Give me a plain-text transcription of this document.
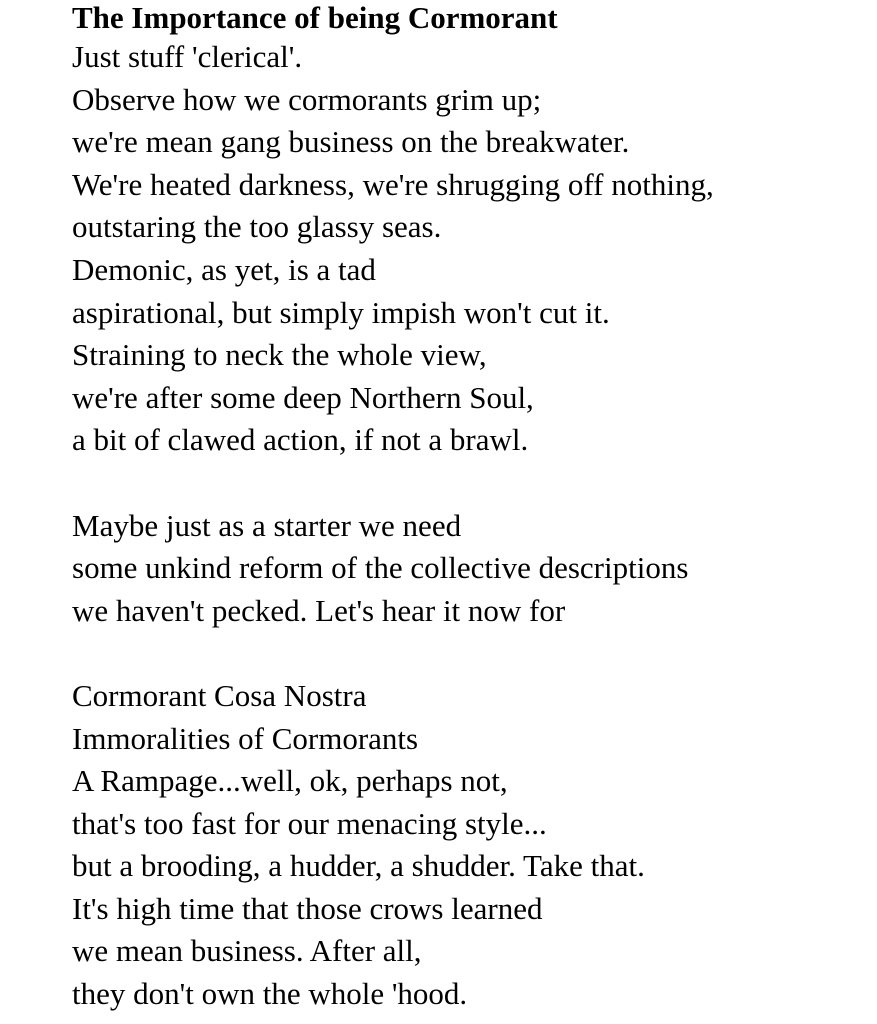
The Importance of being Cormorant
Just stuff 'clerical'.
Observe how we cormorants grim up;
we're mean gang business on the breakwater.
We're heated darkness, we're shrugging off nothing,
outstaring the too glassy seas.
Demonic, as yet, is a tad
aspirational, but simply impish won't cut it.
Straining to neck the whole view,
we're after some deep Northern Soul,
a bit of clawed action, if not a brawl.
Maybe just as a starter we need
some unkind reform of the collective descriptions
we haven't pecked. Let's hear it now for
Cormorant Cosa Nostra
Immoralities of Cormorants
A Rampage...well, ok, perhaps not,
that's too fast for our menacing style...
but a brooding, a hudder, a shudder. Take that.
It's high time that those crows learned
we mean business. After all,
they don't own the whole 'hood.
